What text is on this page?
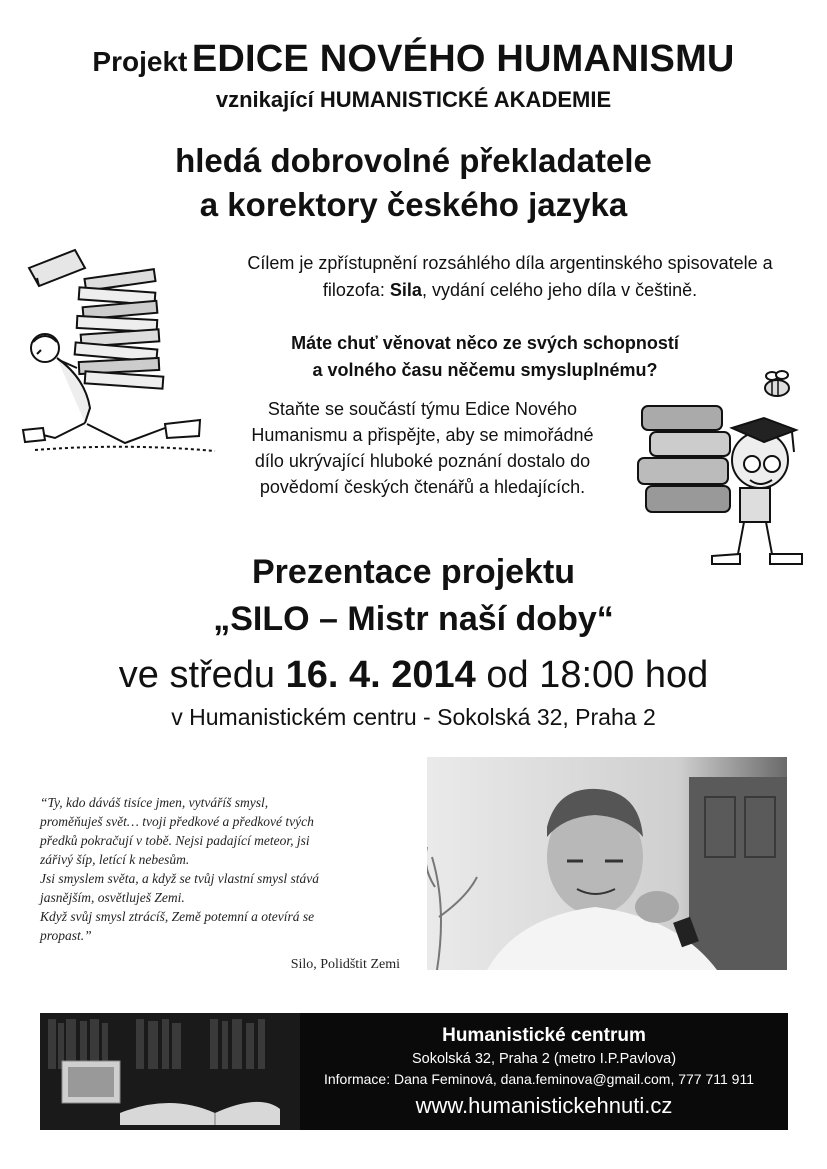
Projekt EDICE NOVÉHO HUMANISMU
vznikající HUMANISTICKÉ AKADEMIE
hledá dobrovolné překladatele
a korektory českého jazyka
Cílem je zpřístupnění rozsáhlého díla argentinského spisovatele a filozofa: Sila, vydání celého jeho díla v češtině.
Máte chuť věnovat něco ze svých schopností
a volného času něčemu smysluplnému?
Staňte se součástí týmu Edice Nového
Humanismu a přispějte, aby se mimořádné
dílo ukrývající hluboké poznání dostalo do
povědomí českých čtenářů a hledajících.
Prezentace projektu
„SILO – Mistr naší doby“
ve středu 16. 4. 2014 od 18:00 hod
v Humanistickém centru - Sokolská 32, Praha 2
“Ty, kdo dáváš tisíce jmen, vytváříš smysl,
proměňuješ svět… tvoji předkové a předkové tvých
předků pokračují v tobě. Nejsi padající meteor, jsi
zářivý šíp, letící k nebesům.
Jsi smyslem světa, a když se tvůj vlastní smysl stává
jasnějším, osvětluješ Zemi.
Když svůj smysl ztrácíš, Země potemní a otevírá se
propast.”
Silo, Polidštit Zemi
Humanistické centrum
Sokolská 32, Praha 2 (metro I.P.Pavlova)
Informace: Dana Feminová, dana.feminova@gmail.com, 777 711 911
www.humanistickehnuti.cz
